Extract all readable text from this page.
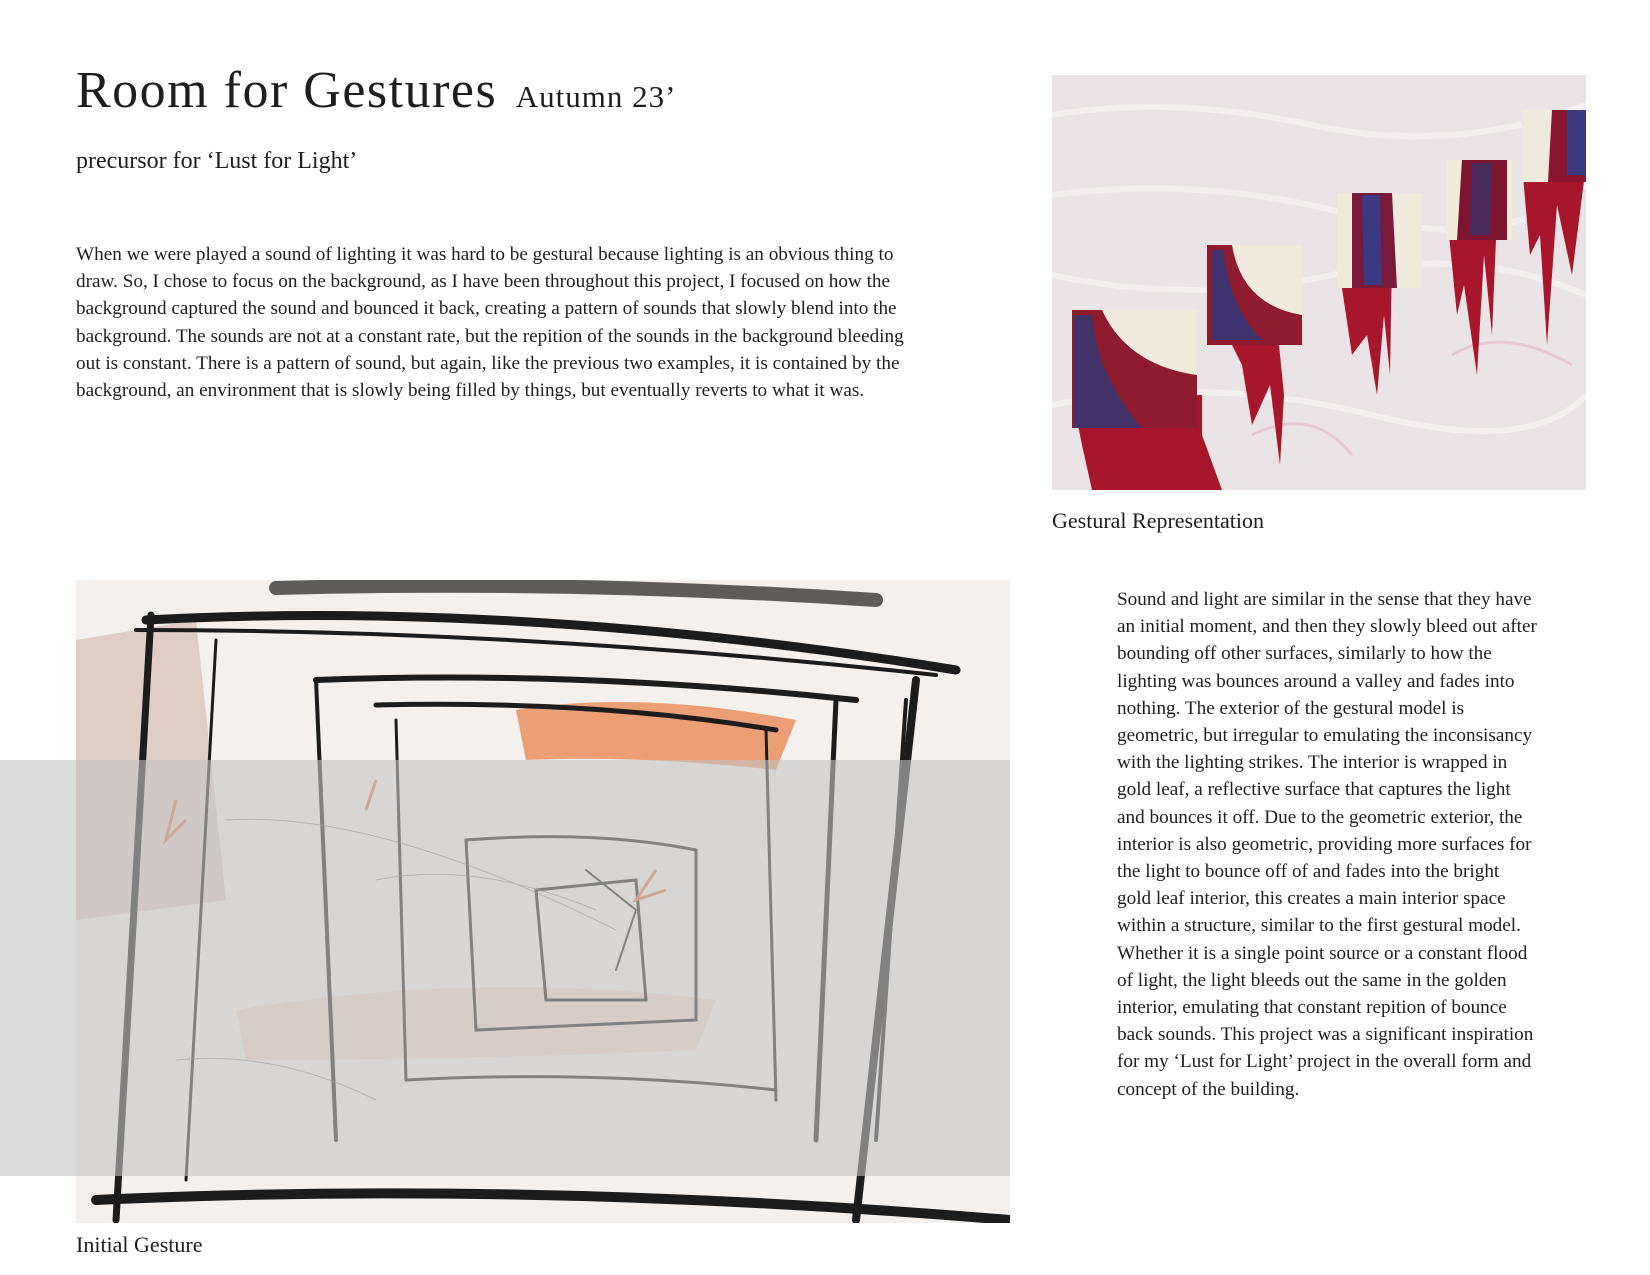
Room for Gestures Autumn 23’
precursor for ‘Lust for Light’
When we were played a sound of lighting it was hard to be gestural because lighting is an obvious thing to draw. So, I chose to focus on the background, as I have been throughout this project, I focused on how the background captured the sound and bounced it back, creating a pattern of sounds that slowly blend into the background. The sounds are not at a constant rate, but the repition of the sounds in the background bleeding out is constant. There is a pattern of sound, but again, like the previous two examples, it is contained by the background, an environment that is slowly being filled by things, but eventually reverts to what it was.
Gestural Representation
Sound and light are similar in the sense that they have an initial moment, and then they slowly bleed out after bounding off other surfaces, similarly to how the lighting was bounces around a valley and fades into nothing. The exterior of the gestural model is geometric, but irregular to emulating the inconsisancy with the lighting strikes. The interior is wrapped in gold leaf, a reflective surface that captures the light and bounces it off. Due to the geometric exterior, the interior is also geometric, providing more surfaces for the light to bounce off of and fades into the bright gold leaf interior, this creates a main interior space within a structure, similar to the first gestural model. Whether it is a single point source or a constant flood of light, the light bleeds out the same in the golden interior, emulating that constant repition of bounce back sounds. This project was a significant inspiration for my ‘Lust for Light’ project in the overall form and concept of the building.
Initial Gesture
